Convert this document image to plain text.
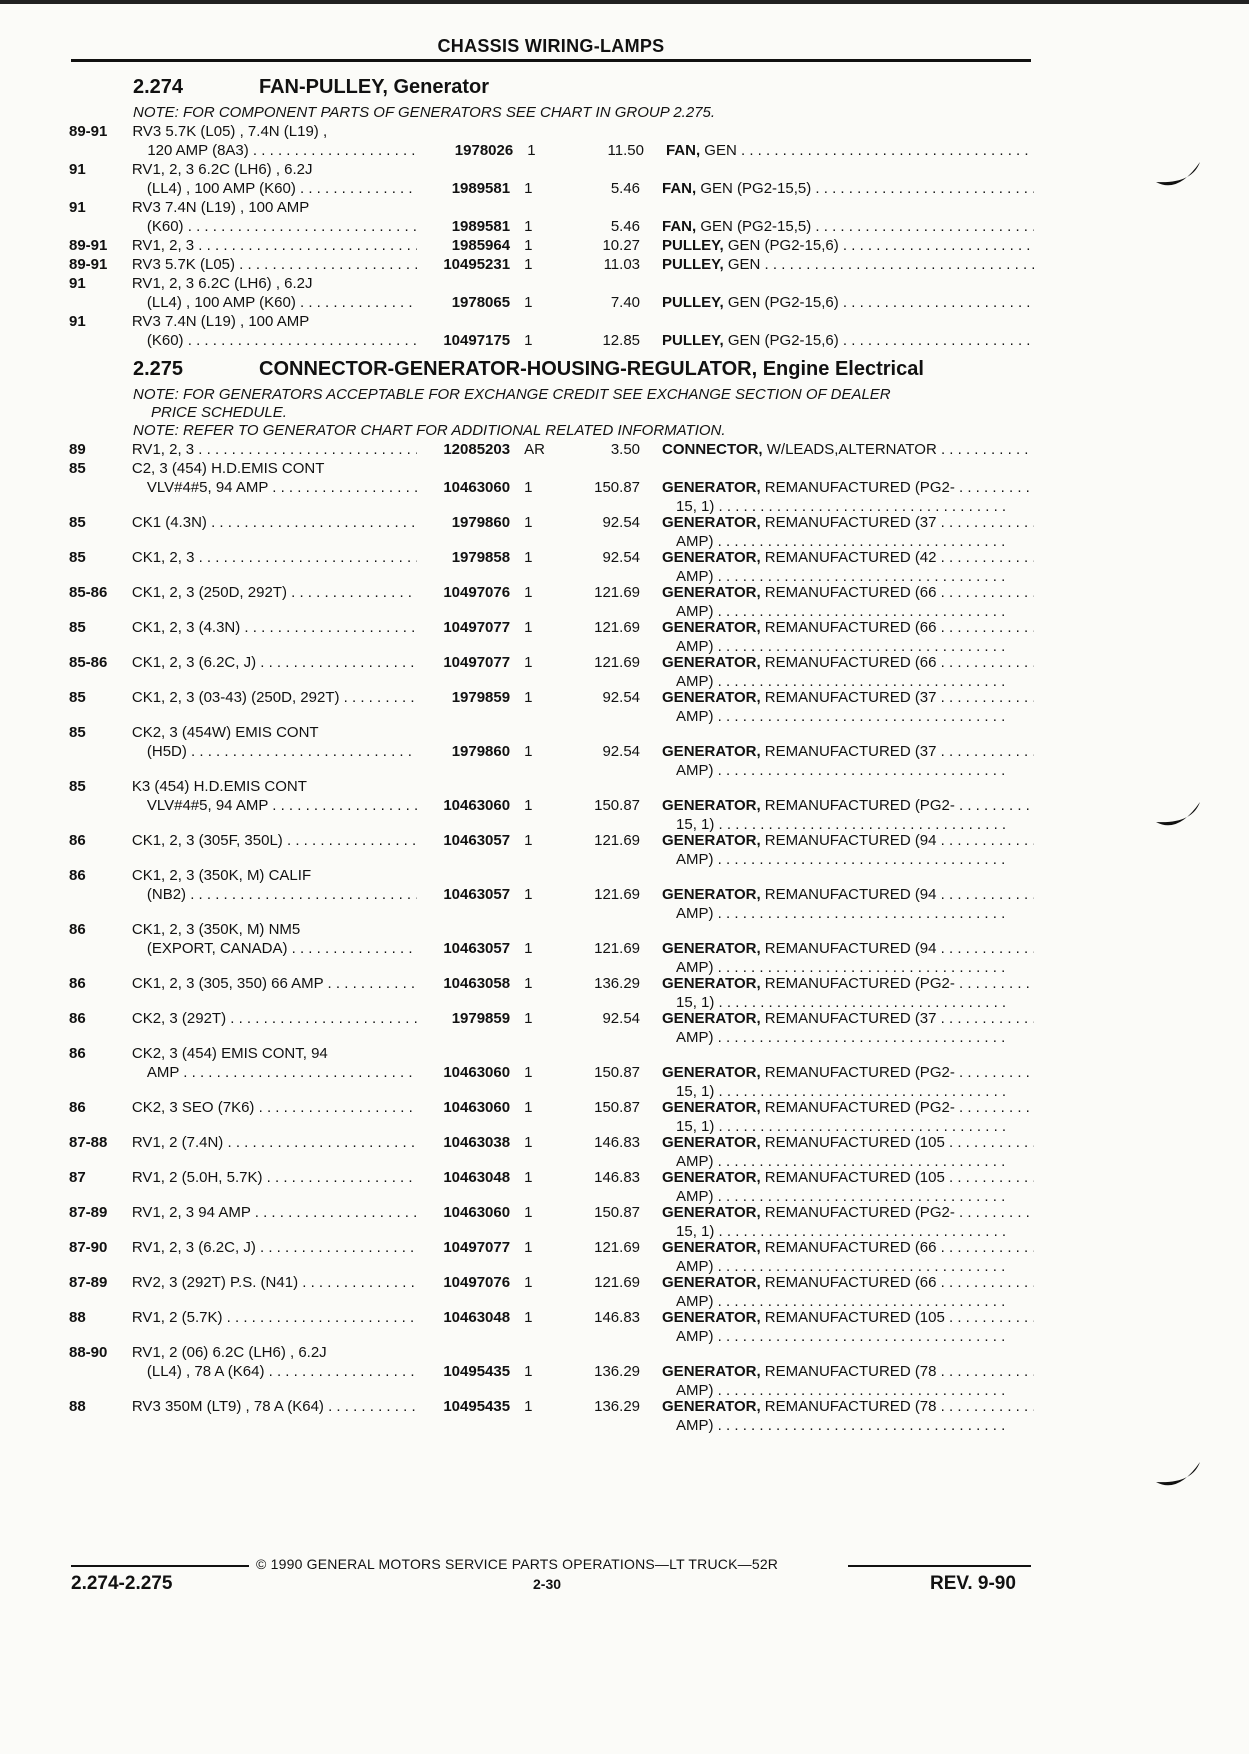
CHASSIS WIRING-LAMPS
2.274	FAN-PULLEY, Generator
NOTE: FOR COMPONENT PARTS OF GENERATORS SEE CHART IN GROUP 2.275.
89-91	RV3 5.7K (L05) , 7.4N (L19) ,
120 AMP (8A3) . . .	1978026 1	11.50 FAN, GEN . . .
91	RV1, 2, 3 6.2C (LH6) , 6.2J
(LL4) , 100 AMP (K60) . . .	1989581 1	5.46 FAN, GEN (PG2-15,5) . . .
91	RV3 7.4N (L19) , 100 AMP
(K60) . . .	1989581 1	5.46 FAN, GEN (PG2-15,5) . . .
89-91	RV1, 2, 3 . . .	1985964 1	10.27 PULLEY, GEN (PG2-15,6) . . .
89-91	RV3 5.7K (L05) . . .	10495231 1	11.03 PULLEY, GEN . . .
91	RV1, 2, 3 6.2C (LH6) , 6.2J
(LL4) , 100 AMP (K60) . . .	1978065 1	7.40 PULLEY, GEN (PG2-15,6) . . .
91	RV3 7.4N (L19) , 100 AMP
(K60) . . .	10497175 1	12.85 PULLEY, GEN (PG2-15,6) . . .
2.275	CONNECTOR-GENERATOR-HOUSING-REGULATOR, Engine Electrical
NOTE: FOR GENERATORS ACCEPTABLE FOR EXCHANGE CREDIT SEE EXCHANGE SECTION OF DEALER
PRICE SCHEDULE.
NOTE: REFER TO GENERATOR CHART FOR ADDITIONAL RELATED INFORMATION.
89	RV1, 2, 3 . . .	12085203 AR	3.50 CONNECTOR, W/LEADS,ALTERNATOR . . .
85	C2, 3 (454) H.D.EMIS CONT
VLV#4#5, 94 AMP . . .	10463060 1	150.87 GENERATOR, REMANUFACTURED (PG2- . . .
15, 1) . . .
85	CK1 (4.3N) . . .	1979860 1	92.54 GENERATOR, REMANUFACTURED (37 . . .
AMP) . . .
85	CK1, 2, 3 . . .	1979858 1	92.54 GENERATOR, REMANUFACTURED (42 . . .
AMP) . . .
85-86	CK1, 2, 3 (250D, 292T) . . .	10497076 1	121.69 GENERATOR, REMANUFACTURED (66 . . .
AMP) . . .
85	CK1, 2, 3 (4.3N) . . .	10497077 1	121.69 GENERATOR, REMANUFACTURED (66 . . .
AMP) . . .
85-86	CK1, 2, 3 (6.2C, J) . . .	10497077 1	121.69 GENERATOR, REMANUFACTURED (66 . . .
AMP) . . .
85	CK1, 2, 3 (03-43) (250D, 292T) . . .	1979859 1	92.54 GENERATOR, REMANUFACTURED (37 . . .
AMP) . . .
85	CK2, 3 (454W) EMIS CONT
(H5D) . . .	1979860 1	92.54 GENERATOR, REMANUFACTURED (37 . . .
AMP) . . .
85	K3 (454) H.D.EMIS CONT
VLV#4#5, 94 AMP . . .	10463060 1	150.87 GENERATOR, REMANUFACTURED (PG2- . . .
15, 1) . . .
86	CK1, 2, 3 (305F, 350L) . . .	10463057 1	121.69 GENERATOR, REMANUFACTURED (94 . . .
AMP) . . .
86	CK1, 2, 3 (350K, M) CALIF
(NB2) . . .	10463057 1	121.69 GENERATOR, REMANUFACTURED (94 . . .
AMP) . . .
86	CK1, 2, 3 (350K, M) NM5
(EXPORT, CANADA) . . .	10463057 1	121.69 GENERATOR, REMANUFACTURED (94 . . .
AMP) . . .
86	CK1, 2, 3 (305, 350) 66 AMP . . .	10463058 1	136.29 GENERATOR, REMANUFACTURED (PG2- . . .
15, 1) . . .
86	CK2, 3 (292T) . . .	1979859 1	92.54 GENERATOR, REMANUFACTURED (37 . . .
AMP) . . .
86	CK2, 3 (454) EMIS CONT, 94
AMP . . .	10463060 1	150.87 GENERATOR, REMANUFACTURED (PG2- . . .
15, 1) . . .
86	CK2, 3 SEO (7K6) . . .	10463060 1	150.87 GENERATOR, REMANUFACTURED (PG2- . . .
15, 1) . . .
87-88	RV1, 2 (7.4N) . . .	10463038 1	146.83 GENERATOR, REMANUFACTURED (105 . . .
AMP) . . .
87	RV1, 2 (5.0H, 5.7K) . . .	10463048 1	146.83 GENERATOR, REMANUFACTURED (105 . . .
AMP) . . .
87-89	RV1, 2, 3 94 AMP . . .	10463060 1	150.87 GENERATOR, REMANUFACTURED (PG2- . . .
15, 1) . . .
87-90	RV1, 2, 3 (6.2C, J) . . .	10497077 1	121.69 GENERATOR, REMANUFACTURED (66 . . .
AMP) . . .
87-89	RV2, 3 (292T) P.S. (N41) . . .	10497076 1	121.69 GENERATOR, REMANUFACTURED (66 . . .
AMP) . . .
88	RV1, 2 (5.7K) . . .	10463048 1	146.83 GENERATOR, REMANUFACTURED (105 . . .
AMP) . . .
88-90	RV1, 2 (06) 6.2C (LH6) , 6.2J
(LL4) , 78 A (K64) . . .	10495435 1	136.29 GENERATOR, REMANUFACTURED (78 . . .
AMP) . . .
88	RV3 350M (LT9) , 78 A (K64) . . .	10495435 1	136.29 GENERATOR, REMANUFACTURED (78 . . .
AMP) . . .
© 1990 GENERAL MOTORS SERVICE PARTS OPERATIONS—LT TRUCK—52R
2.274-2.275	2-30	REV. 9-90
